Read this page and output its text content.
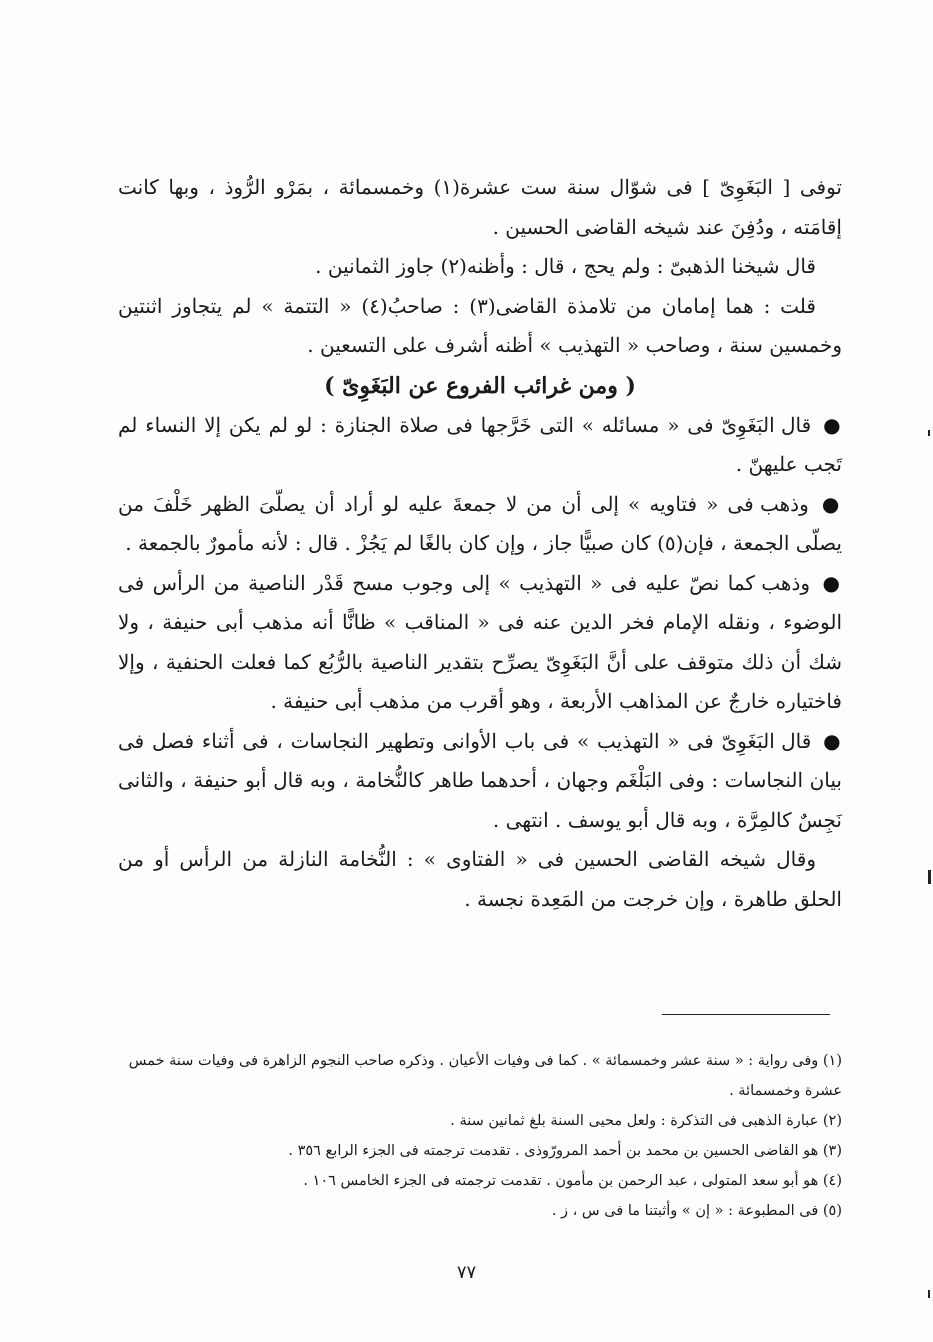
توفى [ البَغَوِىّ ] فى شوّال سنة ست عشرة(١) وخمسمائة ، بمَرْو الرُّوذ ، وبها كانت إقامَته ، ودُفِنَ عند شيخه القاضى الحسين .

قال شيخنا الذهبىّ : ولم يحج ، قال : وأظنه(٢) جاوز الثمانين .

قلت : هما إمامان من تلامذة القاضى(٣) : صاحبُ(٤) « التتمة » لم يتجاوز اثنتين وخمسين سنة ، وصاحب « التهذيب » أظنه أشرف على التسعين .

( ومن غرائب الفروع عن البَغَوِىّ )

● قال البَغَوِىّ فى « مسائله » التى خَرَّجها فى صلاة الجنازة : لو لم يكن إلا النساء لم تَجب عليهنّ .

● وذهب فى « فتاويه » إلى أن من لا جمعةَ عليه لو أراد أن يصلّىَ الظهر خَلْفَ من يصلّى الجمعة ، فإن(٥) كان صبيًّا جاز ، وإن كان بالغًا لم يَجُزْ . قال : لأنه مأمورٌ بالجمعة .

● وذهب كما نصّ عليه فى « التهذيب » إلى وجوب مسح قَدْر الناصية من الرأس فى الوضوء ، ونقله الإمام فخر الدين عنه فى « المناقب » ظانًّا أنه مذهب أبى حنيفة ، ولا شك أن ذلك متوقف على أنَّ البَغَوِىّ يصرِّح بتقدير الناصية بالرُّبُع كما فعلت الحنفية ، وإلا فاختياره خارجٌ عن المذاهب الأربعة ، وهو أقرب من مذهب أبى حنيفة .

● قال البَغَوِىّ فى « التهذيب » فى باب الأوانى وتطهير النجاسات ، فى أثناء فصل فى بيان النجاسات : وفى البَلْغَم وجهان ، أحدهما طاهر كالنُّخامة ، وبه قال أبو حنيفة ، والثانى نَجِسٌ كالمِرَّة ، وبه قال أبو يوسف . انتهى .

وقال شيخه القاضى الحسين فى « الفتاوى » : النُّخامة النازلة من الرأس أو من الحلق طاهرة ، وإن خرجت من المَعِدة نجسة .

(١) وفى رواية : « سنة عشر وخمسمائة » . كما فى وفيات الأعيان . وذكره صاحب النجوم الزاهرة فى وفيات سنة خمس عشرة وخمسمائة .

(٢) عبارة الذهبى فى التذكرة : ولعل محيى السنة بلغ ثمانين سنة .

(٣) هو القاضى الحسين بن محمد بن أحمد المرورّوذى . تقدمت ترجمته فى الجزء الرابع ٣٥٦ .

(٤) هو أبو سعد المتولى ، عبد الرحمن بن مأمون . تقدمت ترجمته فى الجزء الخامس ١٠٦ .

(٥) فى المطبوعة : « إن » وأثبتنا ما فى س ، ز .

٧٧
